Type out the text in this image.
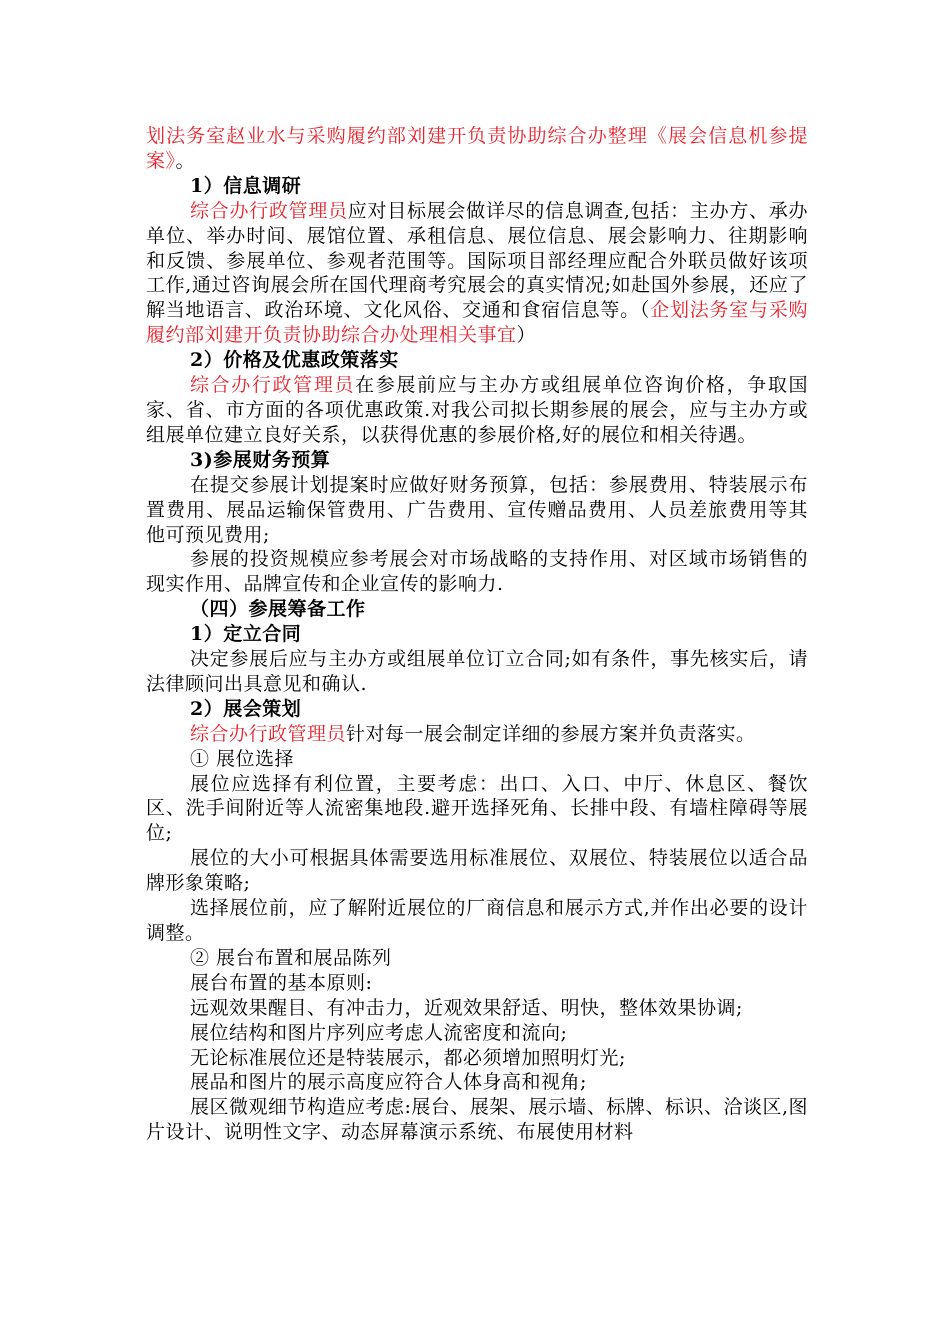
划法务室赵业水与采购履约部刘建开负责协助综合办整理《展会信息机参提案》。

1）信息调研

综合办行政管理员应对目标展会做详尽的信息调查,包括：主办方、承办单位、举办时间、展馆位置、承租信息、展位信息、展会影响力、往期影响和反馈、参展单位、参观者范围等。国际项目部经理应配合外联员做好该项工作,通过咨询展会所在国代理商考究展会的真实情况;如赴国外参展，还应了解当地语言、政治环境、文化风俗、交通和食宿信息等。（企划法务室与采购履约部刘建开负责协助综合办处理相关事宜）

2）价格及优惠政策落实

综合办行政管理员在参展前应与主办方或组展单位咨询价格，争取国家、省、市方面的各项优惠政策.对我公司拟长期参展的展会，应与主办方或组展单位建立良好关系，以获得优惠的参展价格,好的展位和相关待遇。

3)参展财务预算

在提交参展计划提案时应做好财务预算，包括：参展费用、特装展示布置费用、展品运输保管费用、广告费用、宣传赠品费用、人员差旅费用等其他可预见费用;

参展的投资规模应参考展会对市场战略的支持作用、对区域市场销售的现实作用、品牌宣传和企业宣传的影响力.

（四）参展筹备工作

1）定立合同

决定参展后应与主办方或组展单位订立合同;如有条件，事先核实后，请法律顾问出具意见和确认.

2）展会策划

综合办行政管理员针对每一展会制定详细的参展方案并负责落实。

① 展位选择

展位应选择有利位置，主要考虑：出口、入口、中厅、休息区、餐饮区、洗手间附近等人流密集地段.避开选择死角、长排中段、有墙柱障碍等展位;

展位的大小可根据具体需要选用标准展位、双展位、特装展位以适合品牌形象策略;

选择展位前，应了解附近展位的厂商信息和展示方式,并作出必要的设计调整。

② 展台布置和展品陈列

展台布置的基本原则:

远观效果醒目、有冲击力，近观效果舒适、明快，整体效果协调;

展位结构和图片序列应考虑人流密度和流向;

无论标准展位还是特装展示，都必须增加照明灯光;

展品和图片的展示高度应符合人体身高和视角;

展区微观细节构造应考虑:展台、展架、展示墙、标牌、标识、洽谈区,图片设计、说明性文字、动态屏幕演示系统、布展使用材料
